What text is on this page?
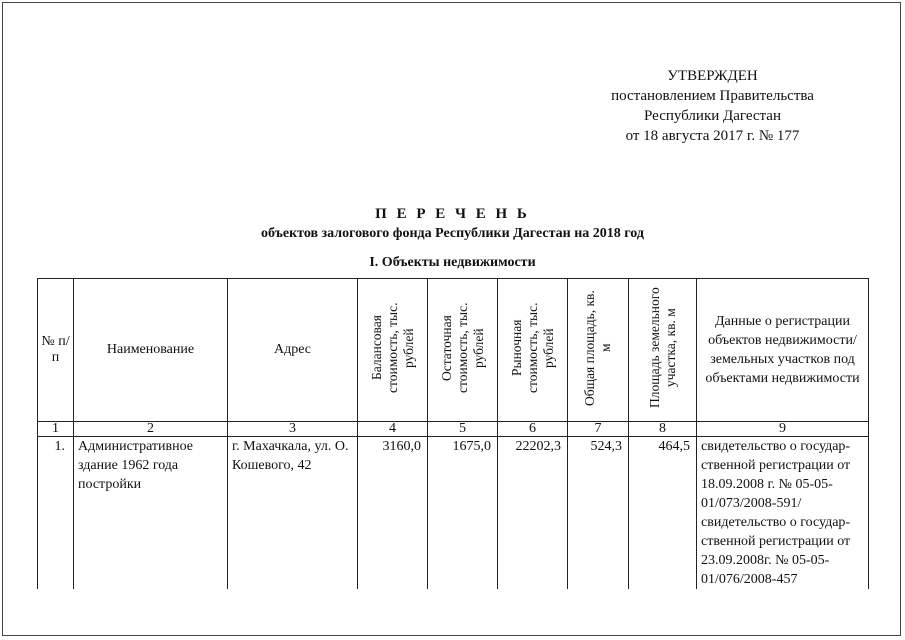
УТВЕРЖДЕН
постановлением Правительства
Республики Дагестан
от 18 августа 2017 г. № 177
П Е Р Е Ч Е Н Ь
объектов залогового фонда Республики Дагестан на 2018 год
I. Объекты недвижимости
№ п/п	Наименование	Адрес	Балансовая стоимость, тыс. рублей	Остаточная стоимость, тыс. рублей	Рыночная стоимость, тыс. рублей	Общая площадь, кв. м	Площадь земельного участка, кв. м	Данные о регистрации объектов недвижимости/ земельных участков под объектами недвижимости
1	2	3	4	5	6	7	8	9
1.	Административное здание 1962 года постройки	г. Махачкала, ул. О. Кошевого, 42	3160,0	1675,0	22202,3	524,3	464,5	свидетельство о государ-ственной регистрации от 18.09.2008 г. № 05-05-01/073/2008-591/ свидетельство о государ-ственной регистрации от 23.09.2008г. № 05-05-01/076/2008-457
